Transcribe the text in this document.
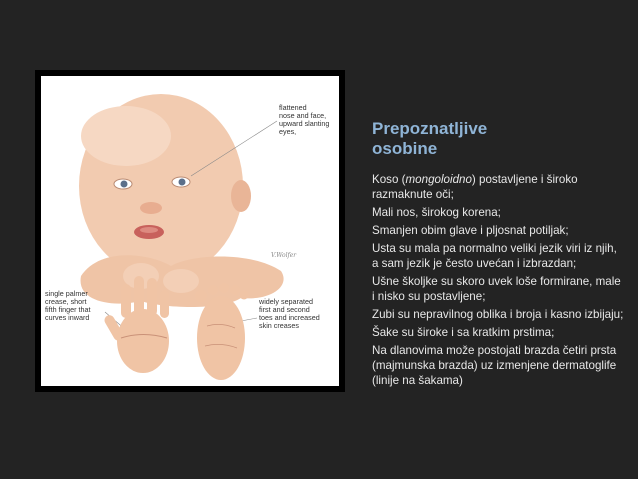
flattened
nose and face,
upward slanting
eyes,
single palmer
crease, short
fifth finger that
curves inward
widely separated
first and second
toes and increased
skin creases
V.Wolfer
Prepoznatljive
osobine
Koso (mongoloidno) postavljene i široko razmaknute oči;
Mali nos, širokog korena;
Smanjen obim glave i pljosnat potiljak;
Usta su mala pa normalno veliki jezik viri iz njih, a sam jezik je često uvećan i izbrazdan;
Ušne školjke su skoro uvek loše formirane, male i nisko su postavljene;
Zubi su nepravilnog oblika i broja i kasno izbijaju;
Šake su široke i sa kratkim prstima;
Na dlanovima može postojati brazda četiri prsta (majmunska brazda) uz izmenjene dermatoglife (linije na šakama)
